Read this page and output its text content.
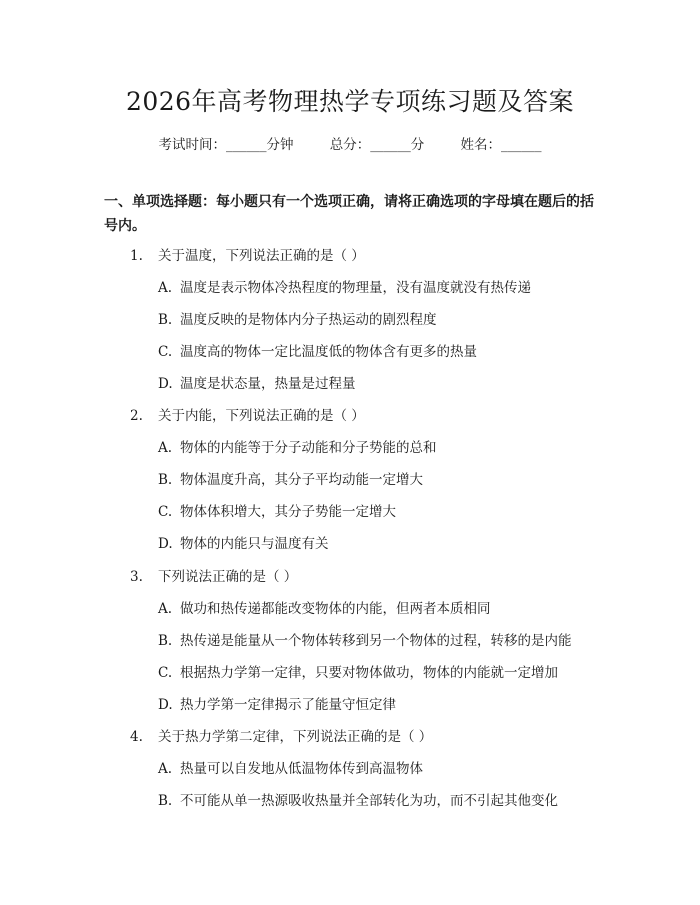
2026年高考物理热学专项练习题及答案
考试时间：______分钟	总分：______分	姓名：______
一、单项选择题：每小题只有一个选项正确，请将正确选项的字母填在题后的括号内。
1. 关于温度，下列说法正确的是（ ）
A. 温度是表示物体冷热程度的物理量，没有温度就没有热传递
B. 温度反映的是物体内分子热运动的剧烈程度
C. 温度高的物体一定比温度低的物体含有更多的热量
D. 温度是状态量，热量是过程量
2. 关于内能，下列说法正确的是（ ）
A. 物体的内能等于分子动能和分子势能的总和
B. 物体温度升高，其分子平均动能一定增大
C. 物体体积增大，其分子势能一定增大
D. 物体的内能只与温度有关
3. 下列说法正确的是（ ）
A. 做功和热传递都能改变物体的内能，但两者本质相同
B. 热传递是能量从一个物体转移到另一个物体的过程，转移的是内能
C. 根据热力学第一定律，只要对物体做功，物体的内能就一定增加
D. 热力学第一定律揭示了能量守恒定律
4. 关于热力学第二定律，下列说法正确的是（ ）
A. 热量可以自发地从低温物体传到高温物体
B. 不可能从单一热源吸收热量并全部转化为功，而不引起其他变化
